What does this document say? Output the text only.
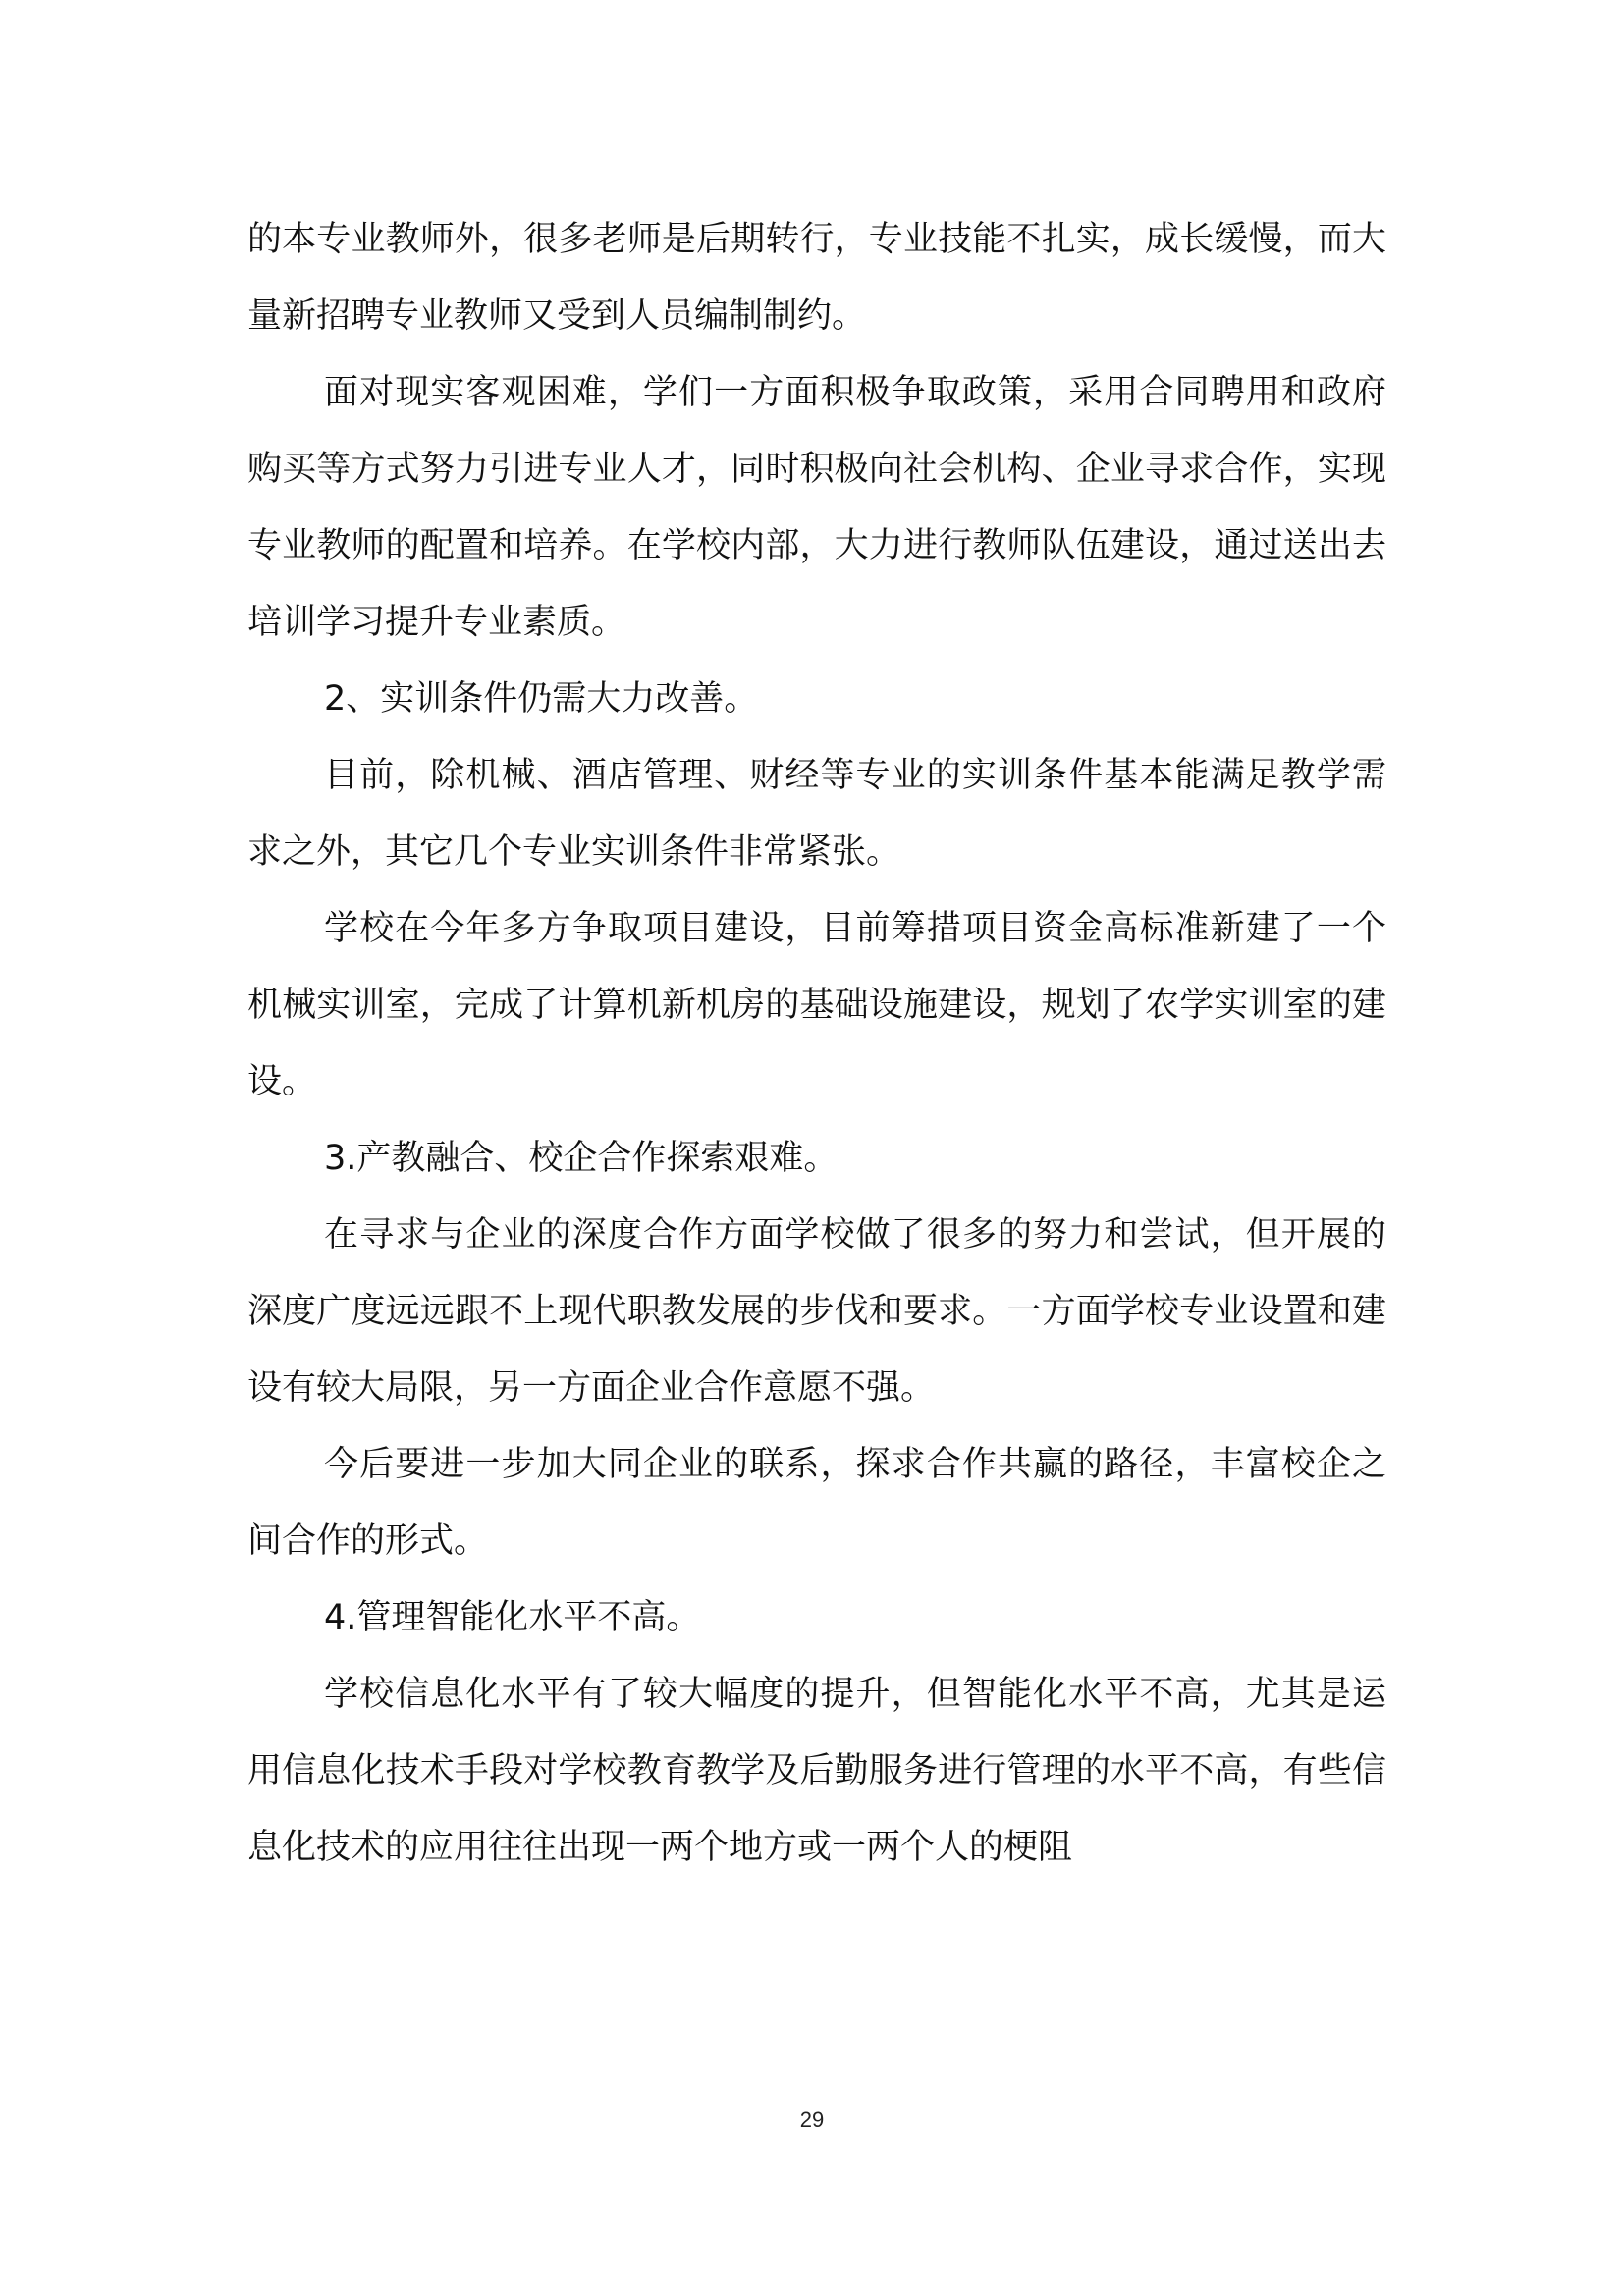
的本专业教师外，很多老师是后期转行，专业技能不扎实，成长缓慢，而大量新招聘专业教师又受到人员编制制约。

面对现实客观困难，学们一方面积极争取政策，采用合同聘用和政府购买等方式努力引进专业人才，同时积极向社会机构、企业寻求合作，实现专业教师的配置和培养。在学校内部，大力进行教师队伍建设，通过送出去培训学习提升专业素质。

2、实训条件仍需大力改善。

目前，除机械、酒店管理、财经等专业的实训条件基本能满足教学需求之外，其它几个专业实训条件非常紧张。

学校在今年多方争取项目建设，目前筹措项目资金高标准新建了一个机械实训室，完成了计算机新机房的基础设施建设，规划了农学实训室的建设。

3.产教融合、校企合作探索艰难。

在寻求与企业的深度合作方面学校做了很多的努力和尝试，但开展的深度广度远远跟不上现代职教发展的步伐和要求。一方面学校专业设置和建设有较大局限，另一方面企业合作意愿不强。

今后要进一步加大同企业的联系，探求合作共赢的路径，丰富校企之间合作的形式。

4.管理智能化水平不高。

学校信息化水平有了较大幅度的提升，但智能化水平不高，尤其是运用信息化技术手段对学校教育教学及后勤服务进行管理的水平不高，有些信息化技术的应用往往出现一两个地方或一两个人的梗阻

29
